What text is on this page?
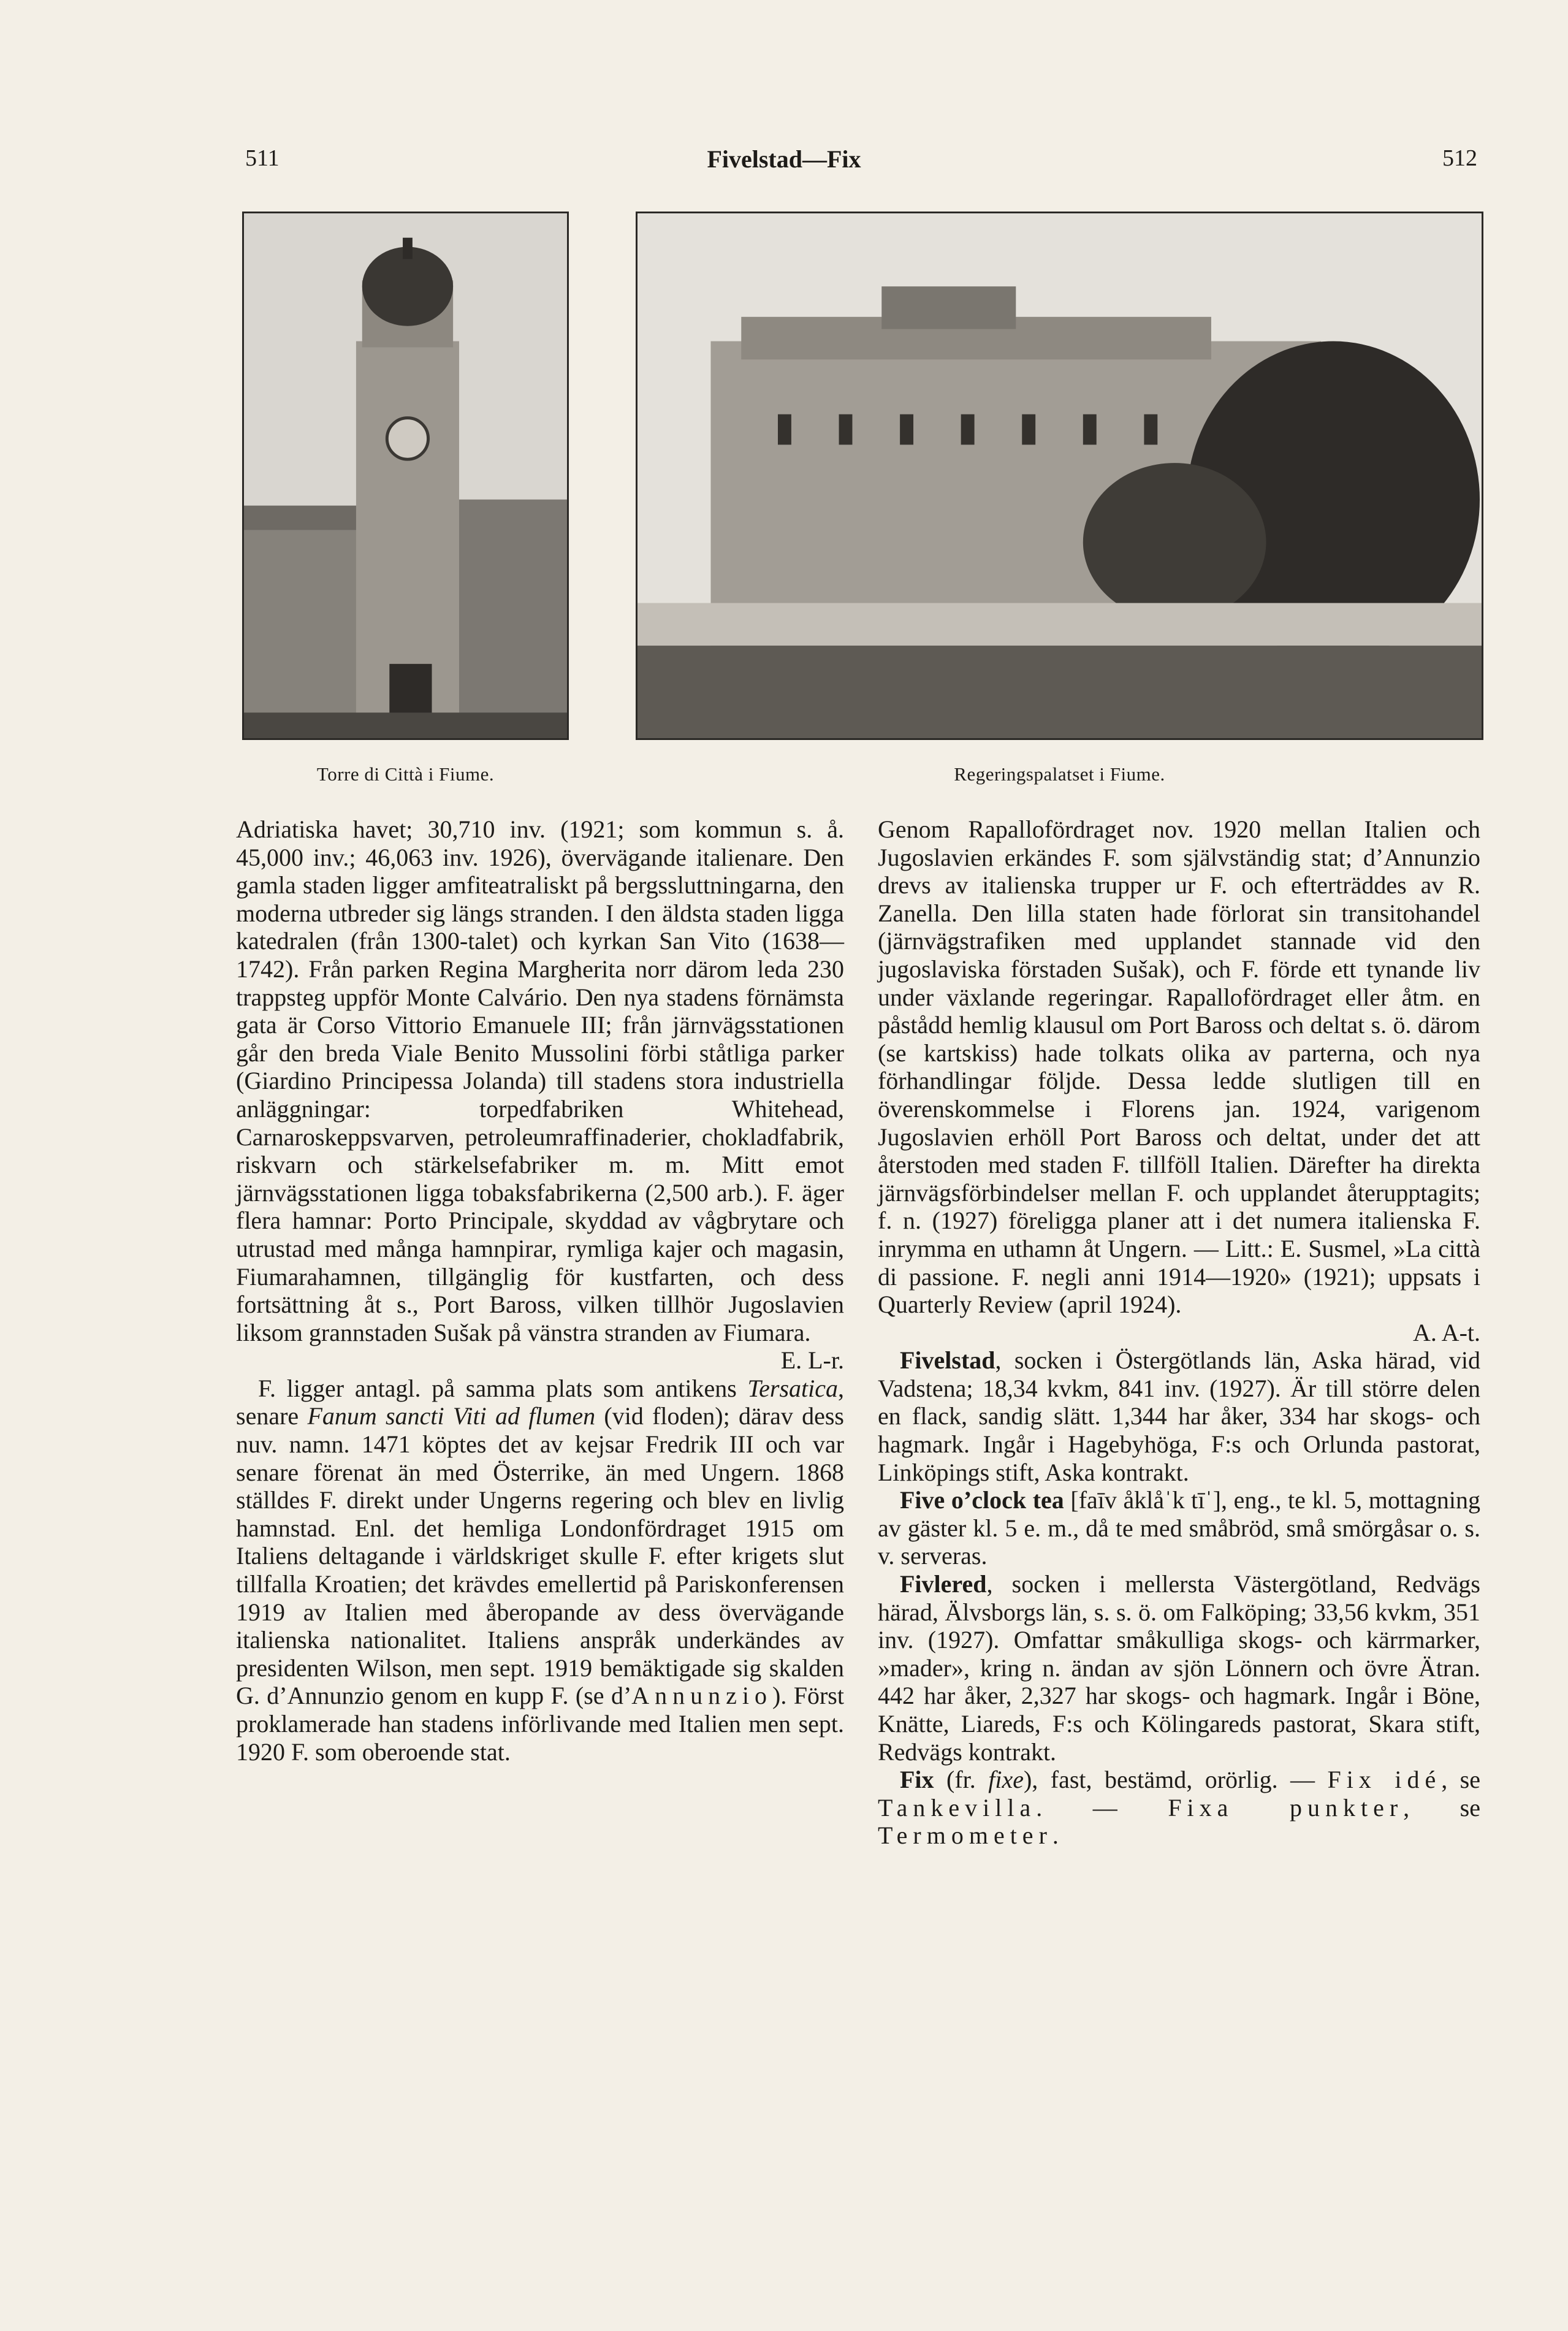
511	Fivelstad—Fix	512
Torre di Città i Fiume.	Regeringspalatset i Fiume.

Adriatiska havet; 30,710 inv. (1921; som kommun s. å. 45,000 inv.; 46,063 inv. 1926), övervägande italienare. Den gamla staden ligger amfiteatraliskt på bergssluttningarna, den moderna utbreder sig längs stranden. I den äldsta staden ligga katedralen (från 1300-talet) och kyrkan San Vito (1638—1742). Från parken Regina Margherita norr därom leda 230 trappsteg uppför Monte Calvário. Den nya stadens förnämsta gata är Corso Vittorio Emanuele III; från järnvägsstationen går den breda Viale Benito Mussolini förbi ståtliga parker (Giardino Principessa Jolanda) till stadens stora industriella anläggningar: torpedfabriken Whitehead, Carnaroskeppsvarven, petroleumraffinaderier, chokladfabrik, riskvarn och stärkelsefabriker m. m. Mitt emot järnvägsstationen ligga tobaksfabrikerna (2,500 arb.). F. äger flera hamnar: Porto Principale, skyddad av vågbrytare och utrustad med många hamnpirar, rymliga kajer och magasin, Fiumarahamnen, tillgänglig för kustfarten, och dess fortsättning åt s., Port Baross, vilken tillhör Jugoslavien liksom grannstaden Sušak på vänstra stranden av Fiumara.
E. L-r.

F. ligger antagl. på samma plats som antikens Tersatica, senare Fanum sancti Viti ad flumen (vid floden); därav dess nuv. namn. 1471 köptes det av kejsar Fredrik III och var senare förenat än med Österrike, än med Ungern. 1868 ställdes F. direkt under Ungerns regering och blev en livlig hamnstad. Enl. det hemliga Londonfördraget 1915 om Italiens deltagande i världskriget skulle F. efter krigets slut tillfalla Kroatien; det krävdes emellertid på Pariskonferensen 1919 av Italien med åberopande av dess övervägande italienska nationalitet. Italiens anspråk underkändes av presidenten Wilson, men sept. 1919 bemäktigade sig skalden G. d’Annunzio genom en kupp F. (se d’Annunzio). Först proklamerade han stadens införlivande med Italien men sept. 1920 F. som oberoende stat.

Genom Rapallofördraget nov. 1920 mellan Italien och Jugoslavien erkändes F. som självständig stat; d’Annunzio drevs av italienska trupper ur F. och efterträddes av R. Zanella. Den lilla staten hade förlorat sin transitohandel (järnvägstrafiken med upplandet stannade vid den jugoslaviska förstaden Sušak), och F. förde ett tynande liv under växlande regeringar. Rapallofördraget eller åtm. en påstådd hemlig klausul om Port Baross och deltat s. ö. därom (se kartskiss) hade tolkats olika av parterna, och nya förhandlingar följde. Dessa ledde slutligen till en överenskommelse i Florens jan. 1924, varigenom Jugoslavien erhöll Port Baross och deltat, under det att återstoden med staden F. tillföll Italien. Därefter ha direkta järnvägsförbindelser mellan F. och upplandet återupptagits; f. n. (1927) föreligga planer att i det numera italienska F. inrymma en uthamn åt Ungern. — Litt.: E. Susmel, »La città di passione. F. negli anni 1914—1920» (1921); uppsats i Quarterly Review (april 1924).
A. A-t.

Fivelstad, socken i Östergötlands län, Aska härad, vid Vadstena; 18,34 kvkm, 841 inv. (1927). Är till större delen en flack, sandig slätt. 1,344 har åker, 334 har skogs- och hagmark. Ingår i Hagebyhöga, F:s och Orlunda pastorat, Linköpings stift, Aska kontrakt.

Five o’clock tea [faīv åklåˈk tīˈ], eng., te kl. 5, mottagning av gäster kl. 5 e. m., då te med småbröd, små smörgåsar o. s. v. serveras.

Fivlered, socken i mellersta Västergötland, Redvägs härad, Älvsborgs län, s. s. ö. om Falköping; 33,56 kvkm, 351 inv. (1927). Omfattar småkulliga skogs- och kärrmarker, »mader», kring n. ändan av sjön Lönnern och övre Ätran. 442 har åker, 2,327 har skogs- och hagmark. Ingår i Böne, Knätte, Liareds, F:s och Kölingareds pastorat, Skara stift, Redvägs kontrakt.

Fix (fr. fixe), fast, bestämd, orörlig. — Fix idé, se Tankevilla. — Fixa punkter, se Termometer.
